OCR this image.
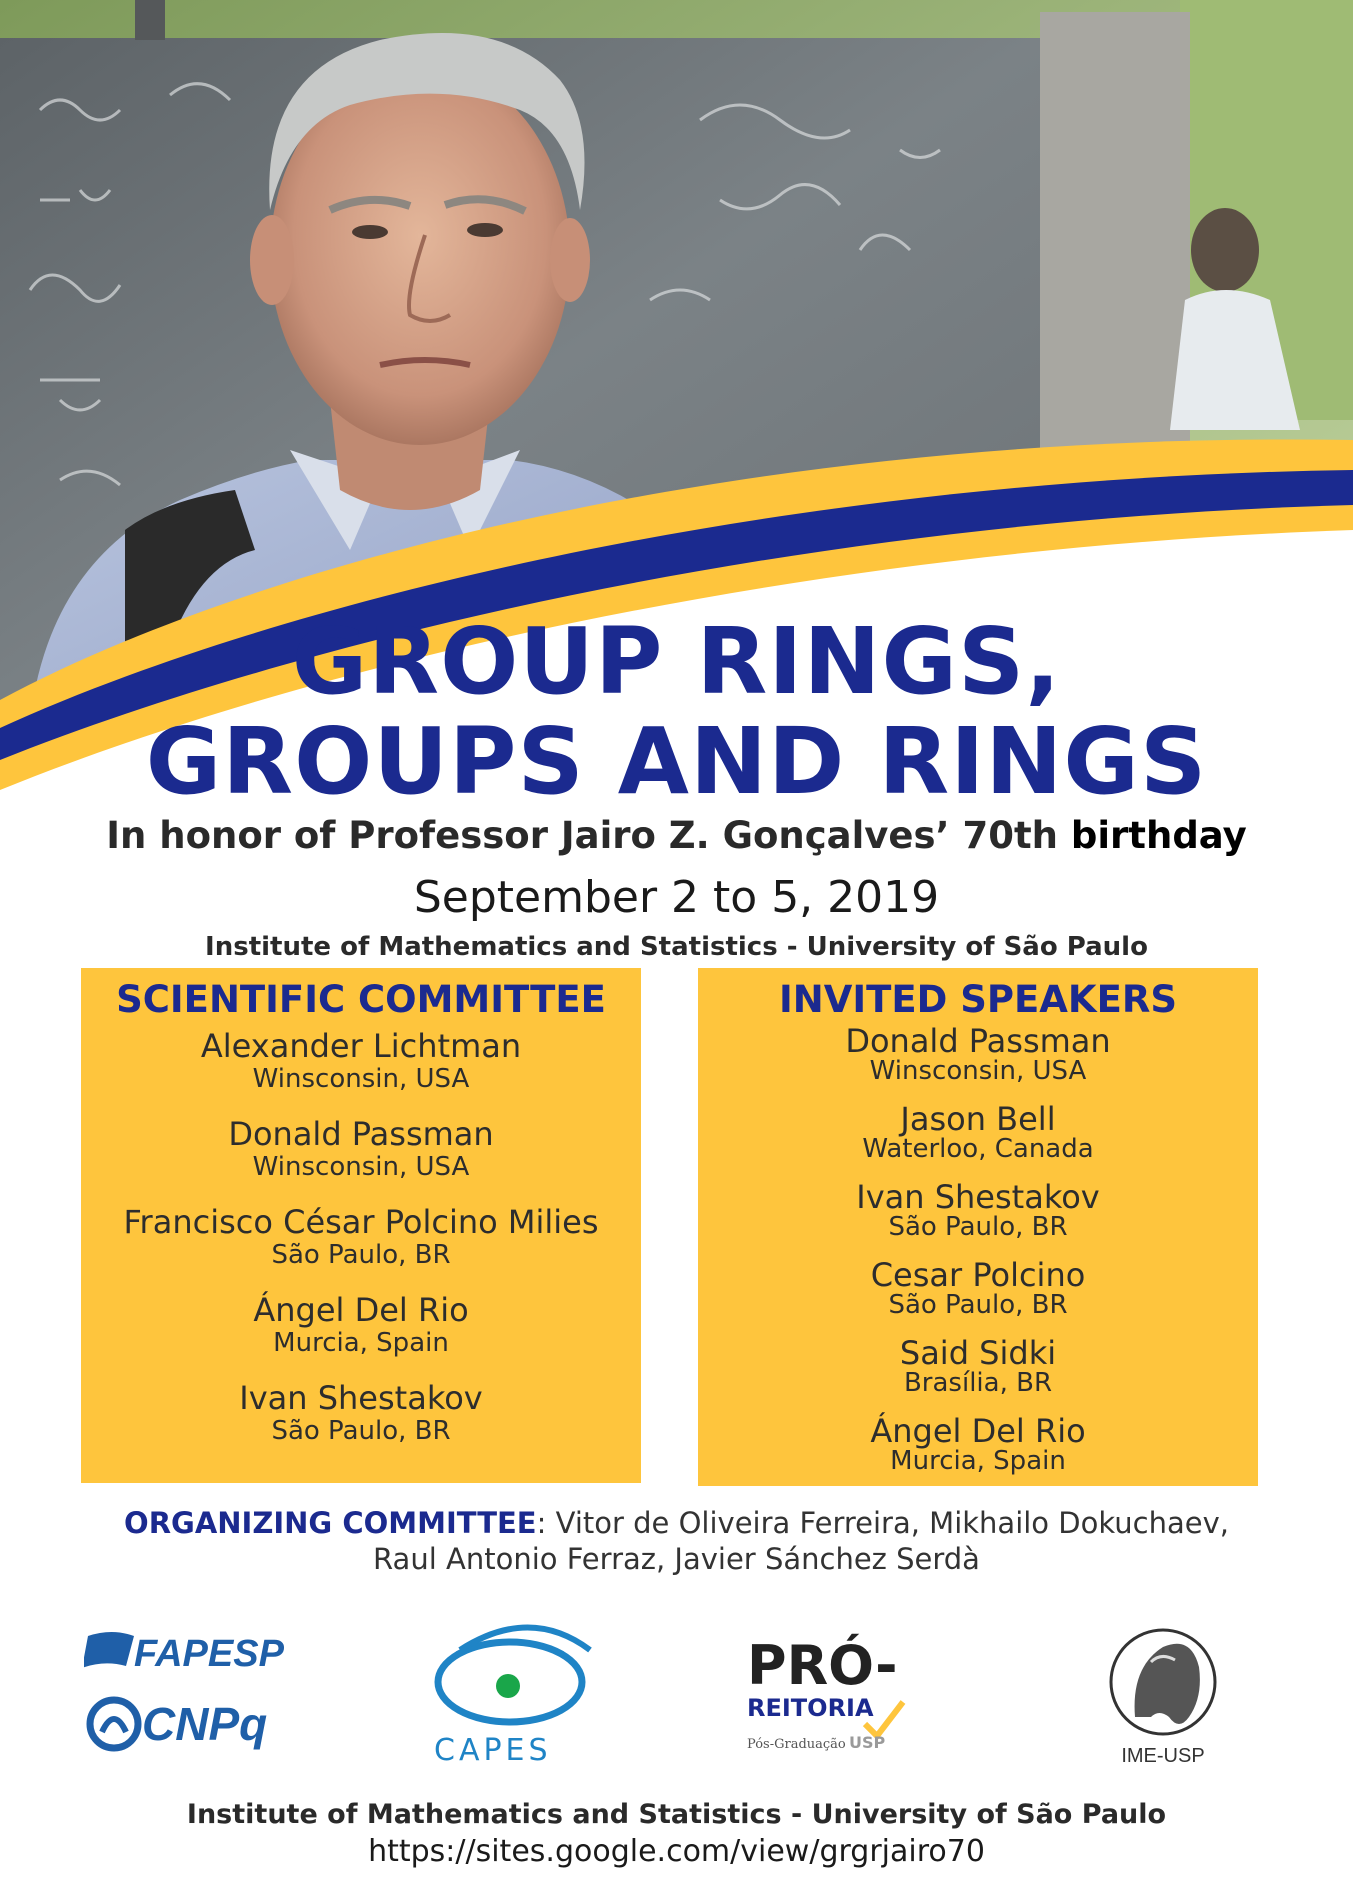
GROUP RINGS,
GROUPS AND RINGS
In honor of Professor Jairo Z. Gonçalves’ 70th birthday
September 2 to 5, 2019
Institute of Mathematics and Statistics - University of São Paulo
SCIENTIFIC COMMITTEE
Alexander Lichtman
Winsconsin, USA
Donald Passman
Winsconsin, USA
Francisco César Polcino Milies
São Paulo, BR
Ángel Del Rio
Murcia, Spain
Ivan Shestakov
São Paulo, BR
INVITED SPEAKERS
Donald Passman
Winsconsin, USA
Jason Bell
Waterloo, Canada
Ivan Shestakov
São Paulo, BR
Cesar Polcino
São Paulo, BR
Said Sidki
Brasília, BR
Ángel Del Rio
Murcia, Spain
ORGANIZING COMMITTEE: Vitor de Oliveira Ferreira, Mikhailo Dokuchaev,
Raul Antonio Ferraz, Javier Sánchez Serdà
FAPESP
CNPq
CAPES
PRÓ-
REITORIA
Pós-Graduação USP
IME-USP
Institute of Mathematics and Statistics - University of São Paulo
https://sites.google.com/view/grgrjairo70
